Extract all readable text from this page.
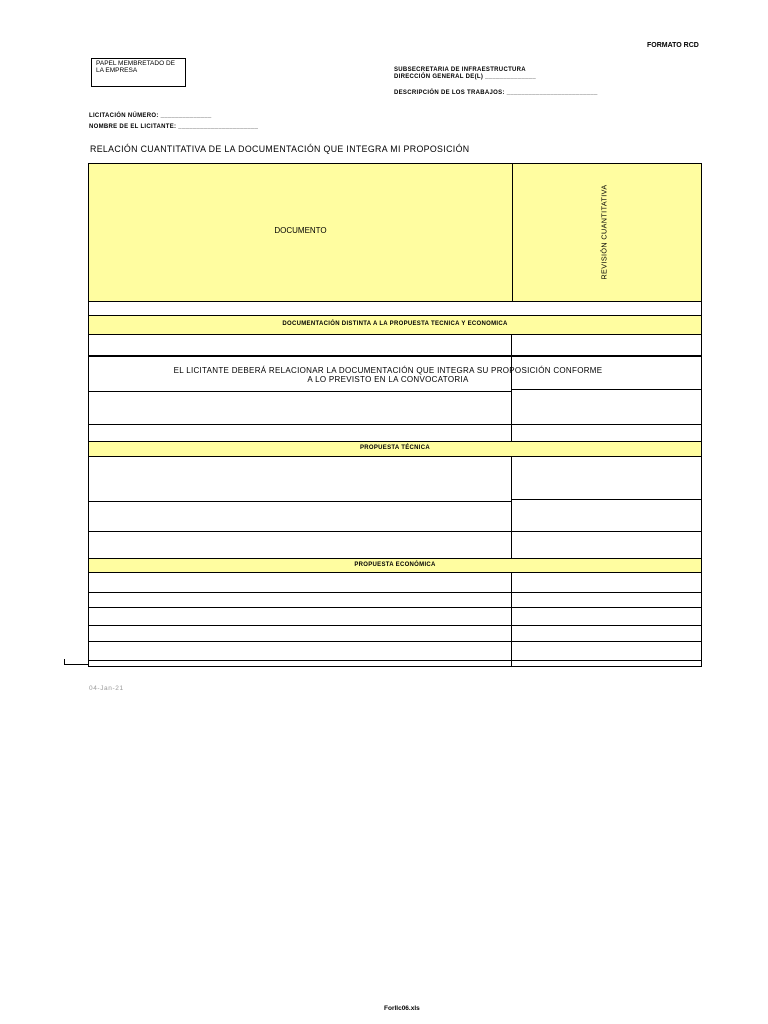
FORMATO RCD
PAPEL MEMBRETADO DE LA EMPRESA	SUBSECRETARIA DE INFRAESTRUCTURA
DIRECCIÓN GENERAL DE(L) ______________
DESCRIPCIÓN DE LOS TRABAJOS: _________________________
LICITACIÓN NÚMERO: ______________
NOMBRE DE EL LICITANTE: ______________________
RELACIÓN CUANTITATIVA DE LA DOCUMENTACIÓN QUE INTEGRA MI PROPOSICIÓN
DOCUMENTO	REVISIÓN CUANTITATIVA
DOCUMENTACIÓN DISTINTA A LA PROPUESTA TECNICA Y ECONOMICA
EL LICITANTE DEBERÁ RELACIONAR LA DOCUMENTACIÓN QUE INTEGRA SU PROPOSICIÓN CONFORME
A LO PREVISTO EN LA CONVOCATORIA
PROPUESTA TÉCNICA
PROPUESTA ECONÓMICA
04-Jan-21
Forllc06.xls
